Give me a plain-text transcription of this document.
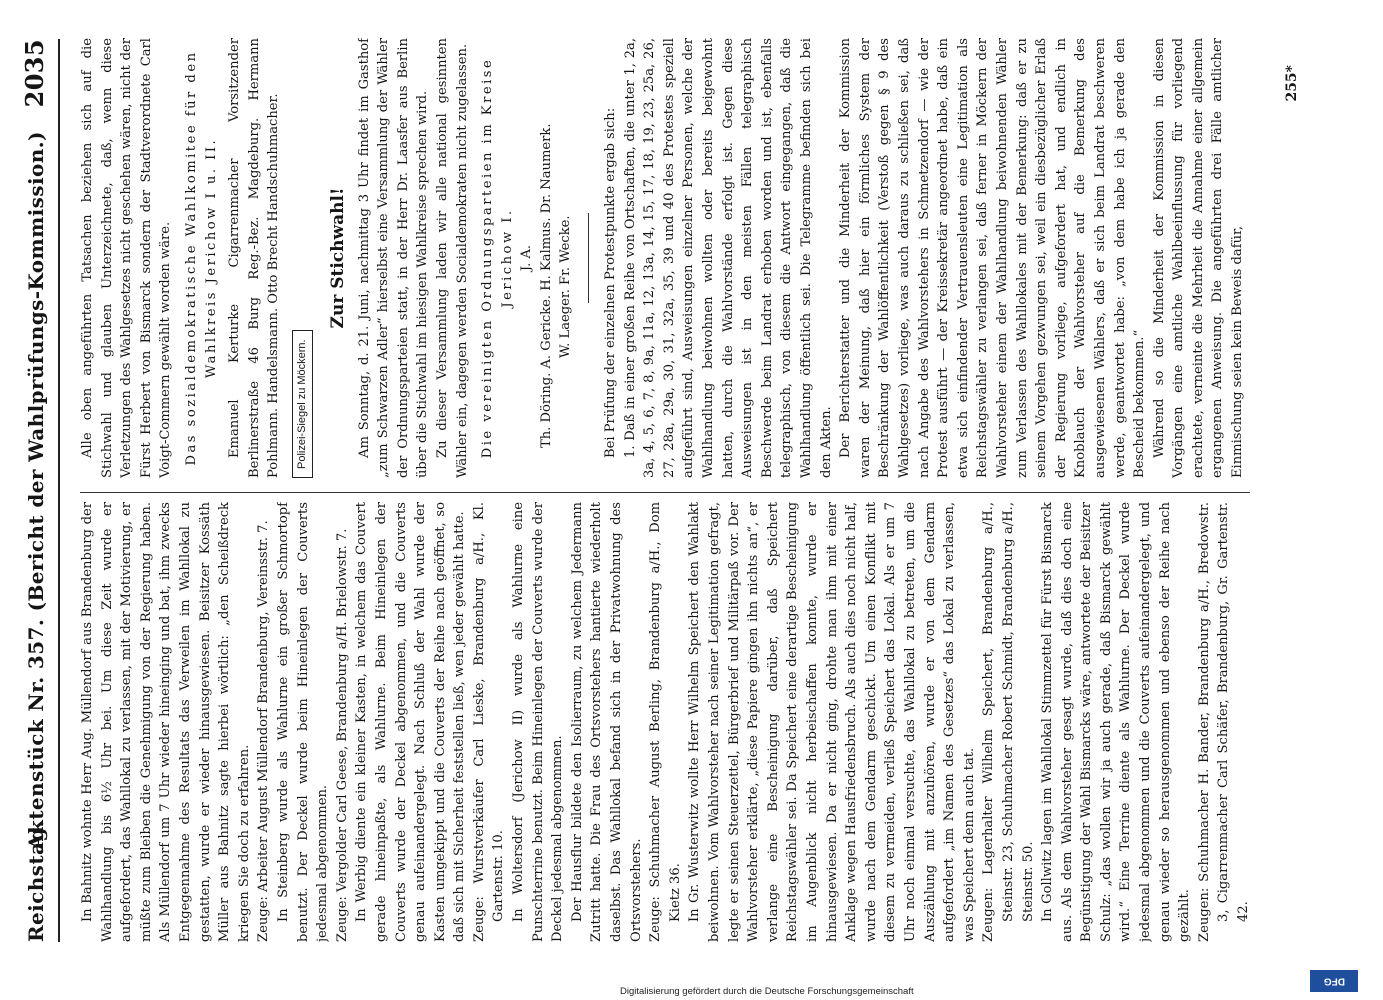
Reichstag.
Aktenstück Nr. 357. (Bericht der Wahlprüfungs-Kommission.)
2035

In Bahnitz wohnte Herr Aug. Müllendorf aus Brandenburg der Wahlhandlung bis 6½ Uhr bei. Um diese Zeit wurde er aufgefordert, das Wahllokal zu verlassen, mit der Motivierung, er müßte zum Bleiben die Genehmigung von der Regierung haben. Als Müllendorf um 7 Uhr wieder hineinging und bat, ihm zwecks Entgegennahme des Resultats das Verweilen im Wahllokal zu gestatten, wurde er wieder hinausgewiesen. Beisitzer Kossäth Müller aus Bahnitz sagte hierbei wörtlich: „den Scheißdreck kriegen Sie doch zu erfahren. Zeuge: Arbeiter August Müllendorf Brandenburg, Vereinsstr. 7. In Steinberg wurde als Wahlurne ein großer Schmortopf benutzt. Der Deckel wurde beim Hineinlegen der Couverts jedesmal abgenommen. Zeuge: Vergolder Carl Geese, Brandenburg a/H. Brielowstr. 7. In Werbig diente ein kleiner Kasten, in welchem das Couvert gerade hineinpaßte, als Wahlurne. Beim Hineinlegen der Couverts wurde der Deckel abgenommen, und die Couverts genau aufeinandergelegt. Nach Schluß der Wahl wurde der Kasten umgekippt und die Couverts der Reihe nach geöffnet, so daß sich mit Sicherheit feststellen ließ, wen jeder gewählt hatte. Zeuge: Wurstverkäufer Carl Lieske, Brandenburg a/H., Kl. Gartenstr. 10. In Woltersdorf (Jerichow II) wurde als Wahlurne eine Punschterrine benutzt. Beim Hineinlegen der Couverts wurde der Deckel jedesmal abgenommen. Der Hausflur bildete den Isolierraum, zu welchem Jedermann Zutritt hatte. Die Frau des Ortsvorstehers hantierte wiederholt daselbst. Das Wahllokal befand sich in der Privatwohnung des Ortsvorstehers. Zeuge: Schuhmacher August Berling, Brandenburg a/H., Dom Kietz 36. In Gr. Wusterwitz wollte Herr Wilhelm Speichert den Wahlakt beiwohnen. Vom Wahlvorsteher nach seiner Legitimation gefragt, legte er seinen Steuerzettel, Bürgerbrief und Militärpaß vor. Der Wahlvorsteher erklärte, „diese Papiere gingen ihn nichts an“, er verlange eine Bescheinigung darüber, daß Speichert Reichstagswähler sei. Da Speichert eine derartige Bescheinigung im Augenblick nicht herbeischaffen konnte, wurde er hinausgewiesen. Da er nicht ging, drohte man ihm mit einer Anklage wegen Hausfriedensbruch. Als auch dies noch nicht half, wurde nach dem Gendarm geschickt. Um einen Konflikt mit diesem zu vermeiden, verließ Speichert das Lokal. Als er um 7 Uhr noch einmal versuchte, das Wahllokal zu betreten, um die Auszählung mit anzuhören, wurde er von dem Gendarm aufgefordert „im Namen des Gesetzes“ das Lokal zu verlassen, was Speichert denn auch tat. Zeugen: Lagerhalter Wilhelm Speichert, Brandenburg a/H., Steinstr. 23, Schuhmacher Robert Schmidt, Brandenburg a/H., Steinstr. 50. In Gollwitz lagen im Wahllokal Stimmzettel für Fürst Bismarck aus. Als dem Wahlvorsteher gesagt wurde, daß dies doch eine Begünstigung der Wahl Bismarcks wäre, antwortete der Beisitzer Schulz: „das wollen wir ja auch gerade, daß Bismarck gewählt wird.“ Eine Terrine diente als Wahlurne. Der Deckel wurde jedesmal abgenommen und die Couverts aufeinandergelegt, und genau wieder so herausgenommen und ebenso der Reihe nach gezählt. Zeugen: Schuhmacher H. Bander, Brandenburg a/H., Bredowstr. 3, Cigarrenmacher Carl Schäfer, Brandenburg, Gr. Gartenstr. 42.

Alle oben angeführten Tatsachen beziehen sich auf die Stichwahl und glauben Unterzeichnete, daß, wenn diese Verletzungen des Wahlgesetzes nicht geschehen wären, nicht der Fürst Herbert von Bismarck sondern der Stadtverordnete Carl Voigt-Commern gewählt worden wäre. Das sozialdemokratische Wahlkomitee für den Wahlkreis Jerichow I u. II. Emanuel Kerturke Cigarrenmacher Vorsitzender Berlinerstraße 46 Burg Reg.-Bez. Magdeburg. Hermann Pohlmann. Handelsmann. Otto Brecht Handschuhmacher. Polizei-Siegel zu Möckern.

Zur Stichwahl! Am Sonntag, d. 21. Juni, nachmittag 3 Uhr findet im Gasthof „zum Schwarzen Adler“ hierselbst eine Versammlung der Wähler der Ordnungsparteien statt, in der Herr Dr. Laasfer aus Berlin über die Stichwahl im hiesigen Wahlkreise sprechen wird. Zu dieser Versammlung laden wir alle national gesinnten Wähler ein, dagegen werden Socialdemokraten nicht zugelassen. Die vereinigten Ordnungsparteien im Kreise Jerichow I. J. A. Th. Döring. A. Gericke. H. Kalmus. Dr. Naumerk. W. Laeger. Fr. Wecke. Bei Prüfung der einzelnen Protestpunkte ergab sich: 1. Daß in einer großen Reihe von Ortschaften, die unter 1, 2a, 3a, 4, 5, 6, 7, 8, 9a, 11a, 12, 13a, 14, 15, 17, 18, 19, 23, 25a, 26, 27, 28a, 29a, 30, 31, 32a, 35, 39 und 40 des Protestes speziell aufgeführt sind, Ausweisungen einzelner Personen, welche der Wahlhandlung beiwohnen wollten oder bereits beigewohnt hatten, durch die Wahlvorstände erfolgt ist. Gegen diese Ausweisungen ist in den meisten Fällen telegraphisch Beschwerde beim Landrat erhoben worden und ist, ebenfalls telegraphisch, von diesem die Antwort eingegangen, daß die Wahlhandlung öffentlich sei. Die Telegramme befinden sich bei den Akten. Der Berichterstatter und die Minderheit der Kommission waren der Meinung, daß hier ein förmliches System der Beschränkung der Wahlöffentlichkeit (Verstoß gegen § 9 des Wahlgesetzes) vorliege, was auch daraus zu schließen sei, daß nach Angabe des Wahlvorstehers in Schmetzendorf — wie der Protest ausführt — der Kreissekretär angeordnet habe, daß ein etwa sich einfindender Vertrauensleuten eine Legitimation als Reichstagswähler zu verlangen sei, daß ferner in Möckern der Wahlvorsteher einem der Wahlhandlung beiwohnenden Wähler zum Verlassen des Wahllokales mit der Bemerkung: daß er zu seinem Vorgehen gezwungen sei, weil ein diesbezüglicher Erlaß der Regierung vorliege, aufgefordert hat, und endlich in Knoblauch der Wahlvorsteher auf die Bemerkung des ausgewiesenen Wählers, daß er sich beim Landrat beschweren werde, geantwortet habe: „von dem habe ich ja gerade den Bescheid bekommen.“ Während so die Minderheit der Kommission in diesen Vorgängen eine amtliche Wahlbeeinflussung für vorliegend erachtete, verneinte die Mehrheit die Annahme einer allgemein ergangenen Anweisung. Die angeführten drei Fälle amtlicher Einmischung seien kein Beweis dafür,

255*
DFG
Digitalisierung gefördert durch die Deutsche Forschungsgemeinschaft
